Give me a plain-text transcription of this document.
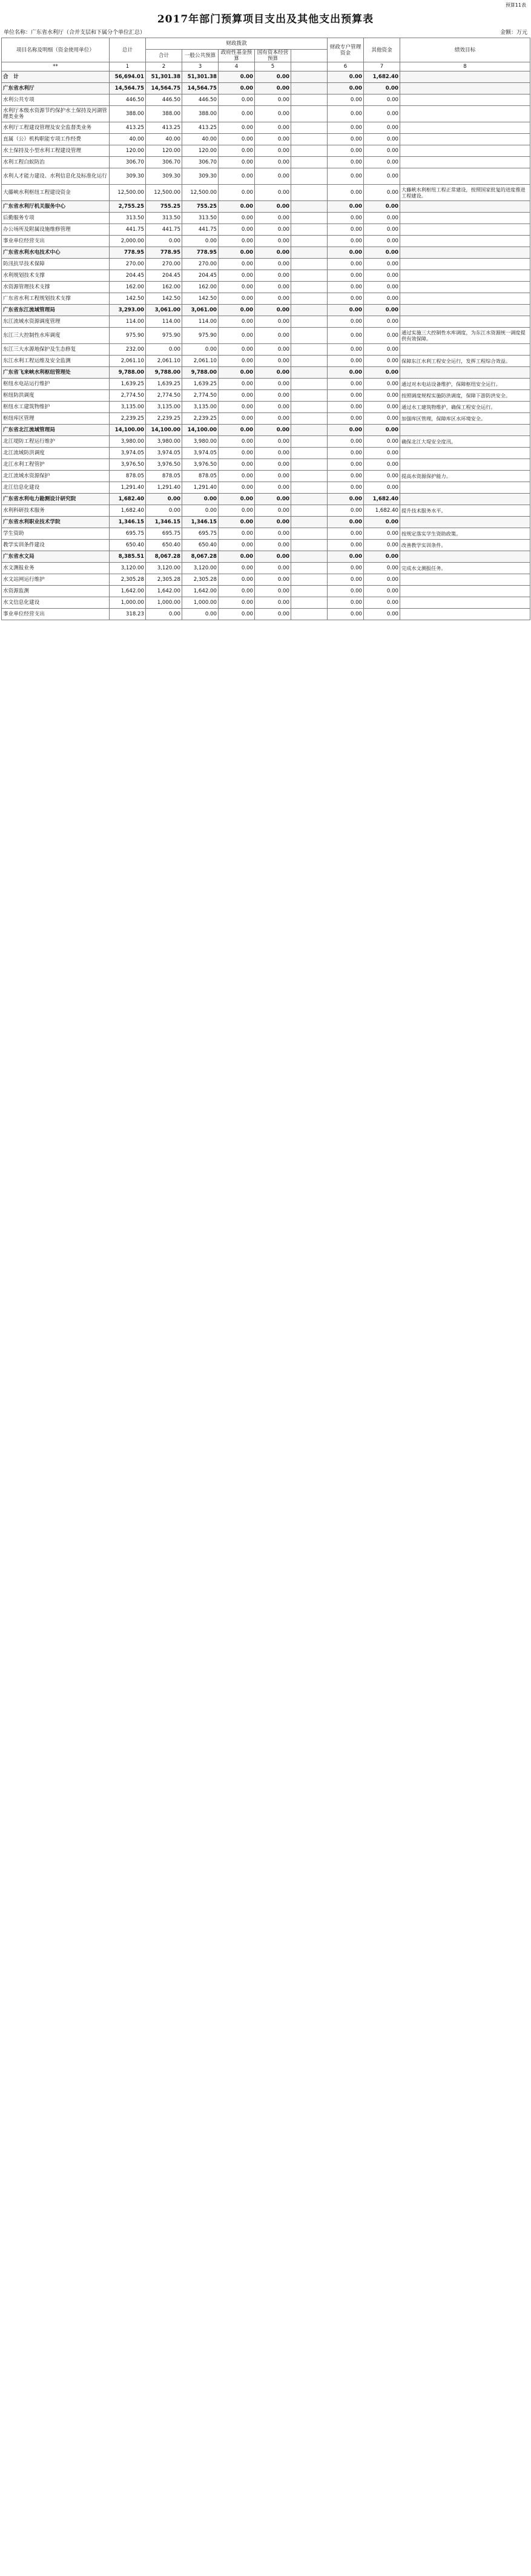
预算11表
2017年部门预算项目支出及其他支出预算表
单位名称：广东省水利厅（合并支层和下属分个单位汇总）	金额：万元
项目名称及明细（资金使用单位）	总计	财政拨款					财政专户管理资金	其他资金	绩效目标
		合计	一般公共预算	政府性基金预算	国有资本经营预算				
**	1	2	3	4	5		6	7	8
合　计	56,694.01	51,301.38	51,301.38	0.00	0.00		0.00	1,682.40	
广东省水利厅	14,564.75	14,564.75	14,564.75	0.00	0.00		0.00	0.00	
水利公共专项	446.50	446.50	446.50	0.00	0.00		0.00	0.00	
水利厅本级水资源节约保护水土保持及河湖管理类业务	388.00	388.00	388.00	0.00	0.00		0.00	0.00	
水利厅工程建设管理及安全监督类业务	413.25	413.25	413.25	0.00	0.00		0.00	0.00	
直属（公）机构职能专项工作经费	40.00	40.00	40.00	0.00	0.00		0.00	0.00	
水土保持及小型水利工程建设管理	120.00	120.00	120.00	0.00	0.00		0.00	0.00	
水利工程白蚁防治	306.70	306.70	306.70	0.00	0.00		0.00	0.00	
水利人才能力建设、水利信息化及标准化运行	309.30	309.30	309.30	0.00	0.00		0.00	0.00	
大藤峡水利枢纽工程建设资金	12,500.00	12,500.00	12,500.00	0.00	0.00		0.00	0.00	大藤峡水利枢纽工程正常建设，按照国家批复的进度推进工程建设。
广东省水利厅机关服务中心	2,755.25	755.25	755.25	0.00	0.00		0.00	0.00	
后勤服务专项	313.50	313.50	313.50	0.00	0.00		0.00	0.00	
办公场所及附属设施维修管理	441.75	441.75	441.75	0.00	0.00		0.00	0.00	
事业单位经营支出	2,000.00	0.00	0.00	0.00	0.00		0.00	0.00	
广东省水利水电技术中心	778.95	778.95	778.95	0.00	0.00		0.00	0.00	
防汛抗旱技术保障	270.00	270.00	270.00	0.00	0.00		0.00	0.00	
水利规划技术支撑	204.45	204.45	204.45	0.00	0.00		0.00	0.00	
水资源管理技术支撑	162.00	162.00	162.00	0.00	0.00		0.00	0.00	
广东省水利工程规划技术支撑	142.50	142.50	142.50	0.00	0.00		0.00	0.00	
广东省东江流域管理局	3,293.00	3,061.00	3,061.00	0.00	0.00		0.00	0.00	
东江流域水资源调度管理	114.00	114.00	114.00	0.00	0.00		0.00	0.00	
东江三大控制性水库调度	975.90	975.90	975.90	0.00	0.00		0.00	0.00	通过实施三大控制性水库调度，为东江水资源统一调度提供有效保障。
东江三大水源地保护及生态修复	232.00	0.00	0.00	0.00	0.00		0.00	0.00	
东江水利工程运维及安全监测	2,061.10	2,061.10	2,061.10	0.00	0.00		0.00	0.00	保障东江水利工程安全运行，发挥工程综合效益。
广东省飞来峡水利枢纽管理处	9,788.00	9,788.00	9,788.00	0.00	0.00		0.00	0.00	
枢纽水电站运行维护	1,639.25	1,639.25	1,639.25	0.00	0.00		0.00	0.00	通过对水电站设备维护，保障枢纽安全运行。
枢纽防洪调度	2,774.50	2,774.50	2,774.50	0.00	0.00		0.00	0.00	按照调度规程实施防洪调度，保障下游防洪安全。
枢纽水工建筑物维护	3,135.00	3,135.00	3,135.00	0.00	0.00		0.00	0.00	通过水工建筑物维护，确保工程安全运行。
枢纽库区管理	2,239.25	2,239.25	2,239.25	0.00	0.00		0.00	0.00	加强库区管理，保障库区水环境安全。
广东省北江流域管理局	14,100.00	14,100.00	14,100.00	0.00	0.00		0.00	0.00	
北江堤防工程运行维护	3,980.00	3,980.00	3,980.00	0.00	0.00		0.00	0.00	确保北江大堤安全度汛。
北江流域防洪调度	3,974.05	3,974.05	3,974.05	0.00	0.00		0.00	0.00	
北江水利工程管护	3,976.50	3,976.50	3,976.50	0.00	0.00		0.00	0.00	
北江流域水资源保护	878.05	878.05	878.05	0.00	0.00		0.00	0.00	提高水资源保护能力。
北江信息化建设	1,291.40	1,291.40	1,291.40	0.00	0.00		0.00	0.00	
广东省水利电力勘测设计研究院	1,682.40	0.00	0.00	0.00	0.00		0.00	1,682.40	
水利科研技术服务	1,682.40	0.00	0.00	0.00	0.00		0.00	1,682.40	提升技术服务水平。
广东省水利职业技术学院	1,346.15	1,346.15	1,346.15	0.00	0.00		0.00	0.00	
学生资助	695.75	695.75	695.75	0.00	0.00		0.00	0.00	按规定落实学生资助政策。
教学实训条件建设	650.40	650.40	650.40	0.00	0.00		0.00	0.00	改善教学实训条件。
广东省水文局	8,385.51	8,067.28	8,067.28	0.00	0.00		0.00	0.00	
水文测报业务	3,120.00	3,120.00	3,120.00	0.00	0.00		0.00	0.00	完成水文测报任务。
水文站网运行维护	2,305.28	2,305.28	2,305.28	0.00	0.00		0.00	0.00	
水资源监测	1,642.00	1,642.00	1,642.00	0.00	0.00		0.00	0.00	
水文信息化建设	1,000.00	1,000.00	1,000.00	0.00	0.00		0.00	0.00	
事业单位经营支出	318.23	0.00	0.00	0.00	0.00		0.00	0.00	
